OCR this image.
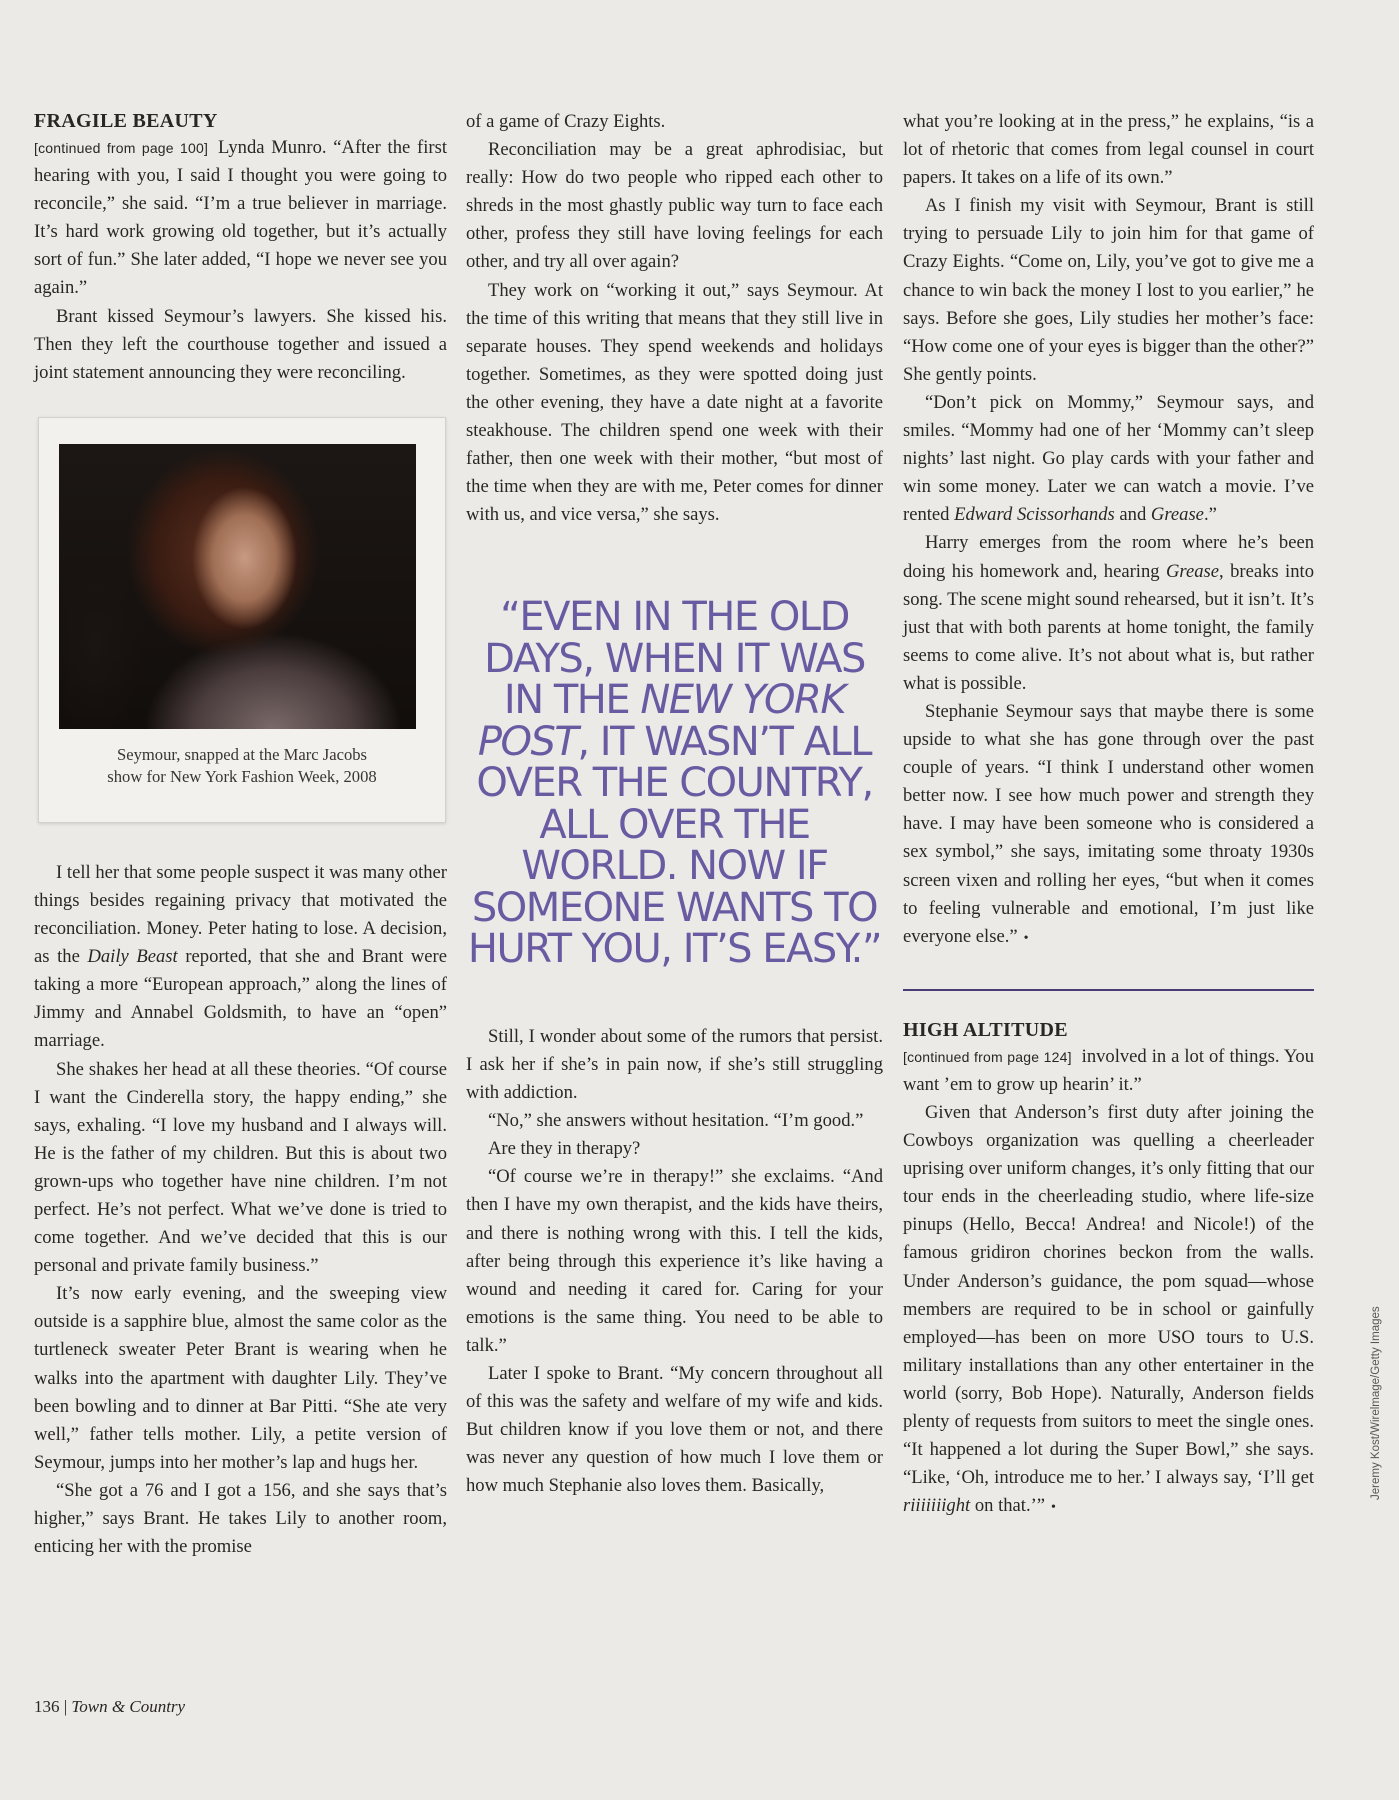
FRAGILE BEAUTY

[continued from page 100] Lynda Munro. “After the first hearing with you, I said I thought you were going to reconcile,” she said. “I’m a true believer in marriage. It’s hard work growing old together, but it’s actually sort of fun.” She later added, “I hope we never see you again.”

Brant kissed Seymour’s lawyers. She kissed his. Then they left the courthouse together and issued a joint statement announcing they were reconciling.

Seymour, snapped at the Marc Jacobs
show for New York Fashion Week, 2008

I tell her that some people suspect it was many other things besides regaining privacy that motivated the reconciliation. Money. Peter hating to lose. A decision, as the Daily Beast reported, that she and Brant were taking a more “European approach,” along the lines of Jimmy and Annabel Goldsmith, to have an “open” marriage.

She shakes her head at all these theories. “Of course I want the Cinderella story, the happy ending,” she says, exhaling. “I love my husband and I always will. He is the father of my children. But this is about two grown-ups who together have nine children. I’m not perfect. He’s not perfect. What we’ve done is tried to come together. And we’ve decided that this is our personal and private family business.”

It’s now early evening, and the sweeping view outside is a sapphire blue, almost the same color as the turtleneck sweater Peter Brant is wearing when he walks into the apartment with daughter Lily. They’ve been bowling and to dinner at Bar Pitti. “She ate very well,” father tells mother. Lily, a petite version of Seymour, jumps into her mother’s lap and hugs her.

“She got a 76 and I got a 156, and she says that’s higher,” says Brant. He takes Lily to another room, enticing her with the promise

of a game of Crazy Eights.

Reconciliation may be a great aphrodisiac, but really: How do two people who ripped each other to shreds in the most ghastly public way turn to face each other, profess they still have loving feelings for each other, and try all over again?

They work on “working it out,” says Seymour. At the time of this writing that means that they still live in separate houses. They spend weekends and holidays together. Sometimes, as they were spotted doing just the other evening, they have a date night at a favorite steakhouse. The children spend one week with their father, then one week with their mother, “but most of the time when they are with me, Peter comes for dinner with us, and vice versa,” she says.

“EVEN IN THE OLD DAYS, WHEN IT WAS IN THE NEW YORK POST, IT WASN’T ALL OVER THE COUNTRY, ALL OVER THE WORLD. NOW IF SOMEONE WANTS TO HURT YOU, IT’S EASY.”

Still, I wonder about some of the rumors that persist. I ask her if she’s in pain now, if she’s still struggling with addiction.

“No,” she answers without hesitation. “I’m good.”

Are they in therapy?

“Of course we’re in therapy!” she exclaims. “And then I have my own therapist, and the kids have theirs, and there is nothing wrong with this. I tell the kids, after being through this experience it’s like having a wound and needing it cared for. Caring for your emotions is the same thing. You need to be able to talk.”

Later I spoke to Brant. “My concern throughout all of this was the safety and welfare of my wife and kids. But children know if you love them or not, and there was never any question of how much I love them or how much Stephanie also loves them. Basically,

what you’re looking at in the press,” he explains, “is a lot of rhetoric that comes from legal counsel in court papers. It takes on a life of its own.”

As I finish my visit with Seymour, Brant is still trying to persuade Lily to join him for that game of Crazy Eights. “Come on, Lily, you’ve got to give me a chance to win back the money I lost to you earlier,” he says. Before she goes, Lily studies her mother’s face: “How come one of your eyes is bigger than the other?” She gently points.

“Don’t pick on Mommy,” Seymour says, and smiles. “Mommy had one of her ‘Mommy can’t sleep nights’ last night. Go play cards with your father and win some money. Later we can watch a movie. I’ve rented Edward Scissorhands and Grease.”

Harry emerges from the room where he’s been doing his homework and, hearing Grease, breaks into song. The scene might sound rehearsed, but it isn’t. It’s just that with both parents at home tonight, the family seems to come alive. It’s not about what is, but rather what is possible.

Stephanie Seymour says that maybe there is some upside to what she has gone through over the past couple of years. “I think I understand other women better now. I see how much power and strength they have. I may have been someone who is considered a sex symbol,” she says, imitating some throaty 1930s screen vixen and rolling her eyes, “but when it comes to feeling vulnerable and emotional, I’m just like everyone else.” •

HIGH ALTITUDE

[continued from page 124] involved in a lot of things. You want ’em to grow up hearin’ it.”

Given that Anderson’s first duty after joining the Cowboys organization was quelling a cheerleader uprising over uniform changes, it’s only fitting that our tour ends in the cheerleading studio, where life-size pinups (Hello, Becca! Andrea! and Nicole!) of the famous gridiron chorines beckon from the walls. Under Anderson’s guidance, the pom squad—whose members are required to be in school or gainfully employed—has been on more USO tours to U.S. military installations than any other entertainer in the world (sorry, Bob Hope). Naturally, Anderson fields plenty of requests from suitors to meet the single ones. “It happened a lot during the Super Bowl,” she says. “Like, ‘Oh, introduce me to her.’ I always say, ‘I’ll get riiiiiiight on that.’” •

136 | Town & Country
Jeremy Kost/Wirelmage/Getty Images
